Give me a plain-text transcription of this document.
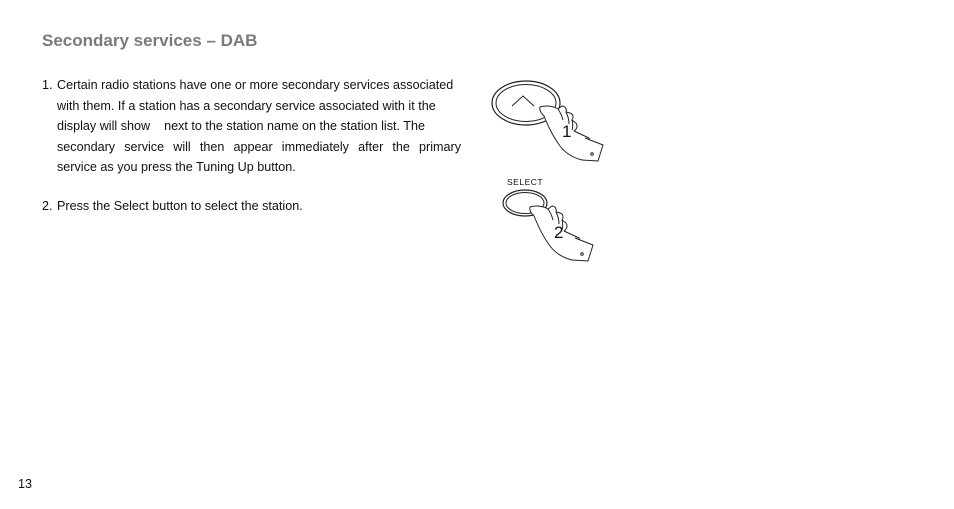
Secondary services – DAB
1. Certain radio stations have one or more secondary services associated
with them. If a station has a secondary service associated with it the
display will show next to the station name on the station list. The
secondary service will then appear immediately after the primary
service as you press the Tuning Up button.
2. Press the Select button to select the station.
1
SELECT
2
13
